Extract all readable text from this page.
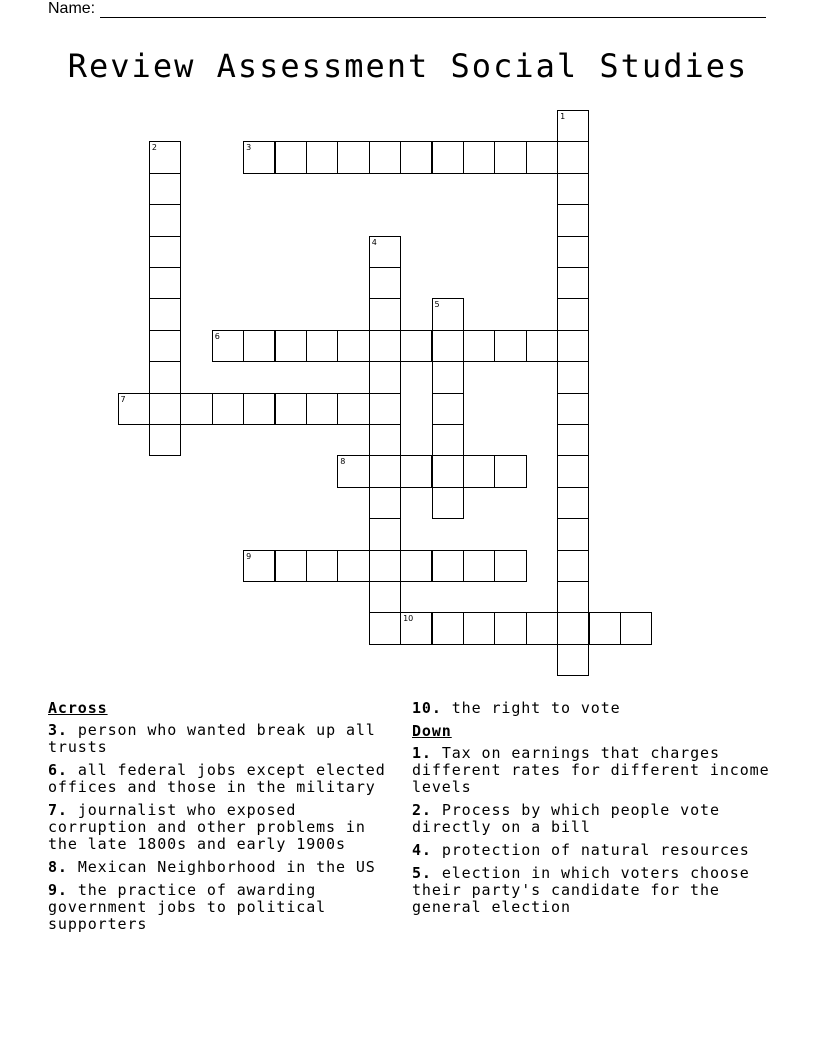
Name:
Review Assessment Social Studies
1
2	3
4
5
6
7
8
9
10
Across
3. person who wanted break up all trusts
6. all federal jobs except elected offices and those in the military
7. journalist who exposed corruption and other problems in the late 1800s and early 1900s
8. Mexican Neighborhood in the US
9. the practice of awarding government jobs to political supporters
10. the right to vote
Down
1. Tax on earnings that charges different rates for different income levels
2. Process by which people vote directly on a bill
4. protection of natural resources
5. election in which voters choose their party's candidate for the general election
